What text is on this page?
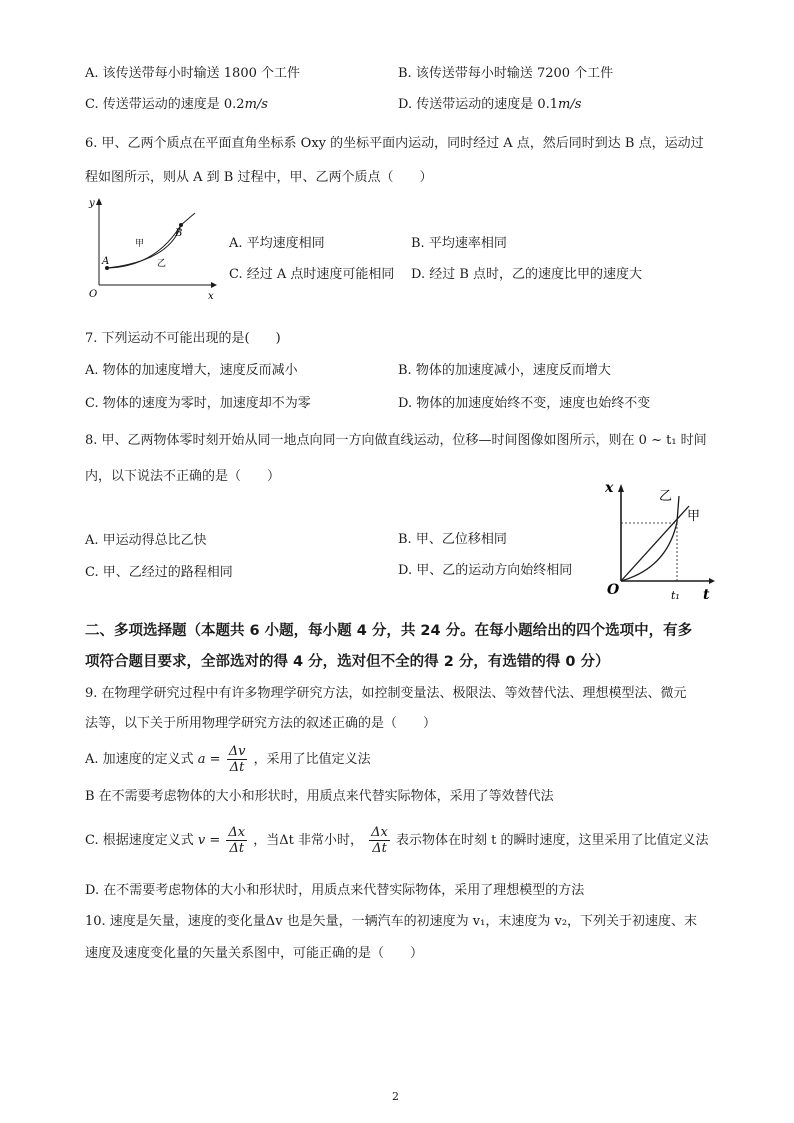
A. 该传送带每小时输送 1800 个工件	B. 该传送带每小时输送 7200 个工件
C. 传送带运动的速度是 0.2m/s	D. 传送带运动的速度是 0.1m/s
6. 甲、乙两个质点在平面直角坐标系 Oxy 的坐标平面内运动，同时经过 A 点，然后同时到达 B 点，运动过
程如图所示，则从 A 到 B 过程中，甲、乙两个质点（　　）
y
x
O
A
B
甲
乙
A. 平均速度相同	B. 平均速率相同
C. 经过 A 点时速度可能相同 D. 经过 B 点时，乙的速度比甲的速度大
7. 下列运动不可能出现的是(　　)
A. 物体的加速度增大，速度反而减小	B. 物体的加速度减小，速度反而增大
C. 物体的速度为零时，加速度却不为零	D. 物体的加速度始终不变，速度也始终不变
8. 甲、乙两物体零时刻开始从同一地点向同一方向做直线运动，位移—时间图像如图所示，则在 0 ~ t₁ 时间
内，以下说法不正确的是（　　）
A. 甲运动得总比乙快	B. 甲、乙位移相同
C. 甲、乙经过的路程相同	D. 甲、乙的运动方向始终相同
x
t
O	t₁
甲
乙
二、多项选择题（本题共 6 小题，每小题 4 分，共 24 分。在每小题给出的四个选项中，有多
项符合题目要求，全部选对的得 4 分，选对但不全的得 2 分，有选错的得 0 分）
9. 在物理学研究过程中有许多物理学研究方法，如控制变量法、极限法、等效替代法、理想模型法、微元
法等，以下关于所用物理学研究方法的叙述正确的是（　　）
A. 加速度的定义式 $a = \frac{\Delta v}{\Delta t}$ ，采用了比值定义法
B 在不需要考虑物体的大小和形状时，用质点来代替实际物体，采用了等效替代法
C. 根据速度定义式 $v = \frac{\Delta x}{\Delta t}$ ，当Δt 非常小时， $\frac{\Delta x}{\Delta t}$ 表示物体在时刻 t 的瞬时速度，这里采用了比值定义法
D. 在不需要考虑物体的大小和形状时，用质点来代替实际物体，采用了理想模型的方法
10. 速度是矢量，速度的变化量Δv 也是矢量，一辆汽车的初速度为 v₁，末速度为 v₂，下列关于初速度、末
速度及速度变化量的矢量关系图中，可能正确的是（　　）
2
